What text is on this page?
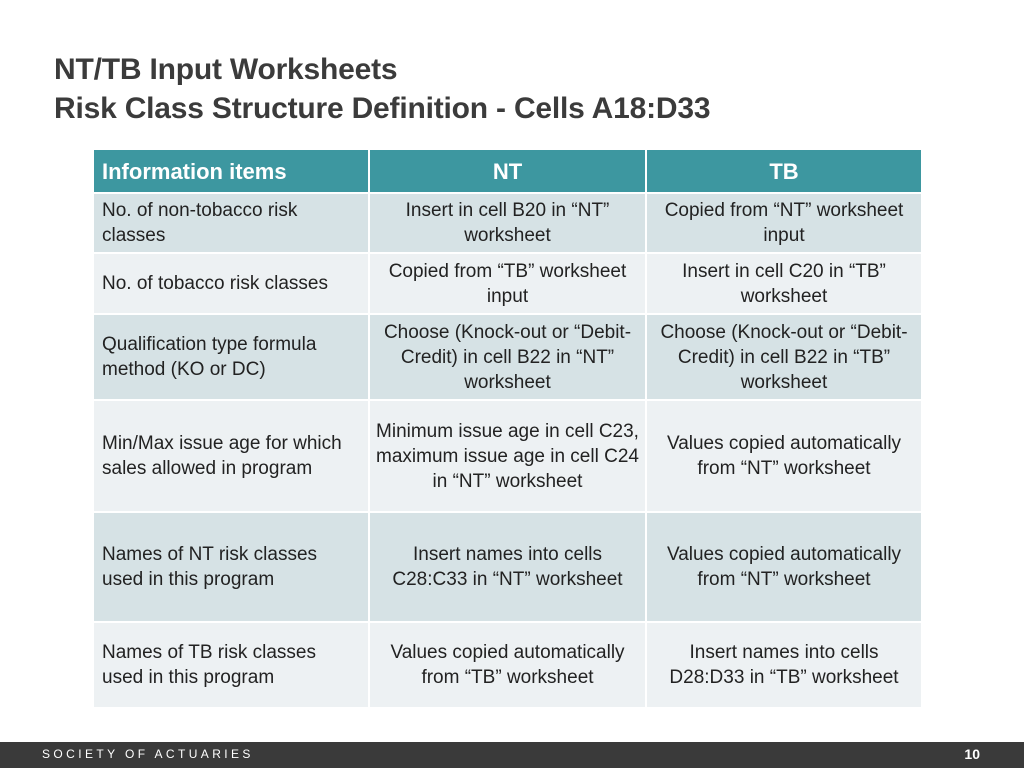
NT/TB Input Worksheets
Risk Class Structure Definition - Cells A18:D33
Information items	NT	TB
No. of non-tobacco risk classes	Insert in cell B20 in “NT” worksheet	Copied from “NT” worksheet input
No. of tobacco risk classes	Copied from “TB” worksheet input	Insert in cell C20 in “TB” worksheet
Qualification type formula method (KO or DC)	Choose (Knock-out or “Debit-Credit) in cell B22 in “NT” worksheet	Choose (Knock-out or “Debit-Credit) in cell B22 in “TB” worksheet
Min/Max issue age for which sales allowed in program	Minimum issue age in cell C23, maximum issue age in cell C24 in “NT” worksheet	Values copied automatically from “NT” worksheet
Names of NT risk classes used in this program	Insert names into cells C28:C33 in “NT” worksheet	Values copied automatically from “NT” worksheet
Names of TB risk classes used in this program	Values copied automatically from “TB” worksheet	Insert names into cells D28:D33 in “TB” worksheet
SOCIETY OF ACTUARIES	10
